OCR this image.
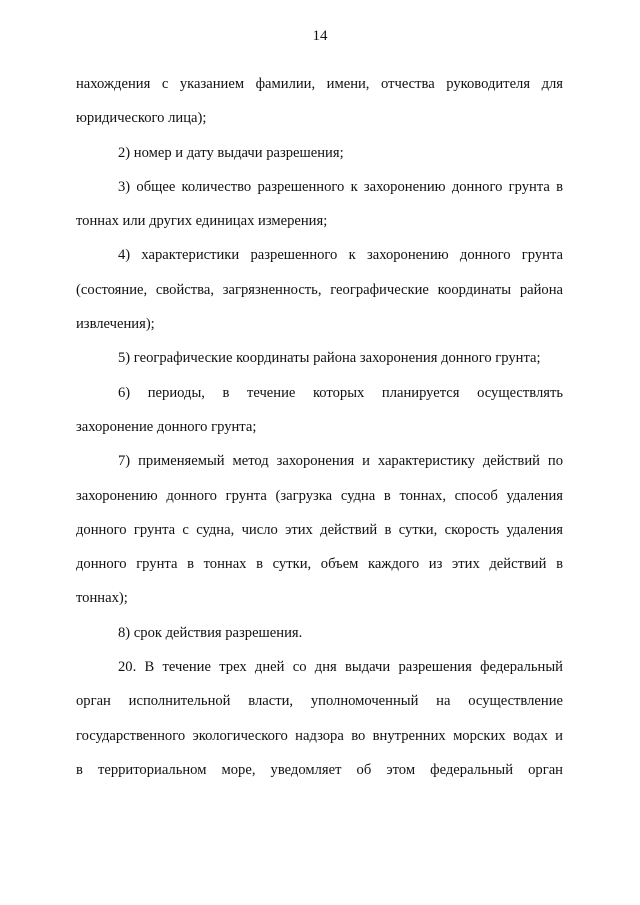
14
нахождения с указанием фамилии, имени, отчества руководителя для
юридического лица);
2) номер и дату выдачи разрешения;
3) общее количество разрешенного к захоронению донного грунта в
тоннах или других единицах измерения;
4) характеристики разрешенного к захоронению донного грунта
(состояние, свойства, загрязненность, географические координаты района
извлечения);
5) географические координаты района захоронения донного грунта;
6) периоды, в течение которых планируется осуществлять
захоронение донного грунта;
7) применяемый метод захоронения и характеристику действий по
захоронению донного грунта (загрузка судна в тоннах, способ удаления
донного грунта с судна, число этих действий в сутки, скорость удаления
донного грунта в тоннах в сутки, объем каждого из этих действий в
тоннах);
8) срок действия разрешения.
20. В течение трех дней со дня выдачи разрешения федеральный
орган исполнительной власти, уполномоченный на осуществление
государственного экологического надзора во внутренних морских водах и
в территориальном море, уведомляет об этом федеральный орган
